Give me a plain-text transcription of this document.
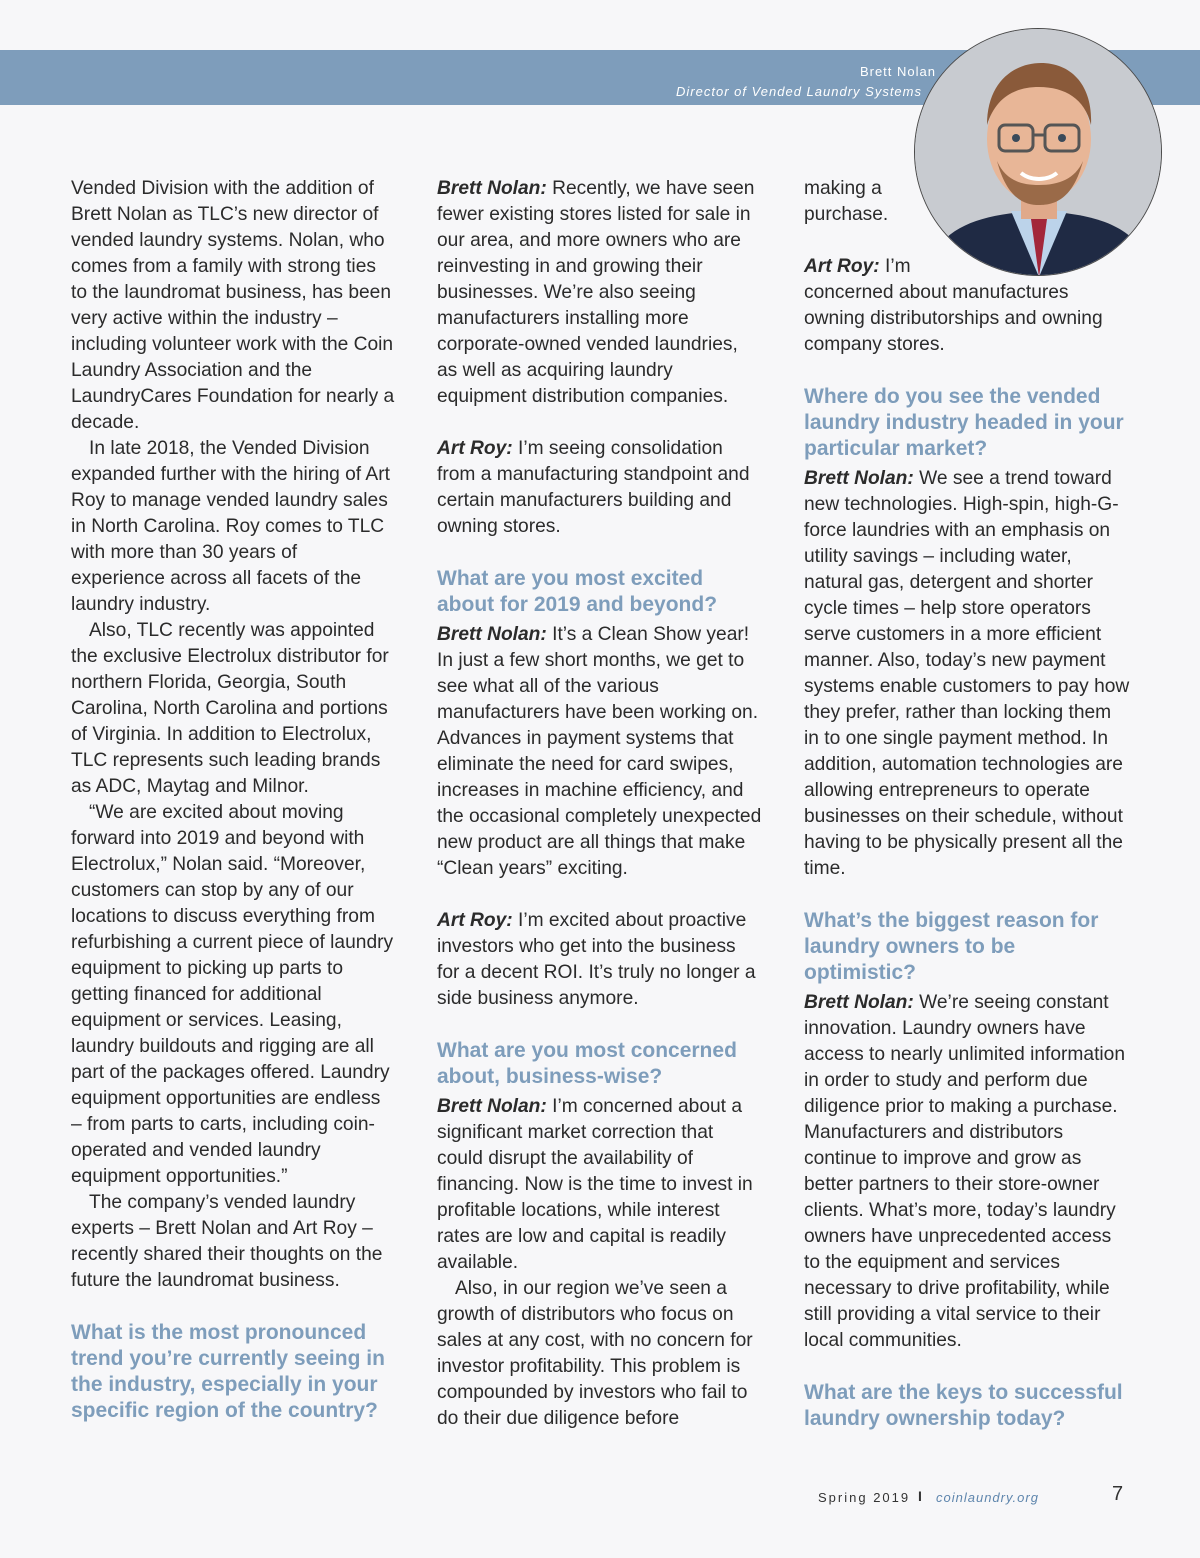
Brett Nolan
Director of Vended Laundry Systems

Vended Division with the addition of Brett Nolan as TLC’s new director of vended laundry systems. Nolan, who comes from a family with strong ties to the laundromat business, has been very active within the industry – including volunteer work with the Coin Laundry Association and the LaundryCares Foundation for nearly a decade.

In late 2018, the Vended Division expanded further with the hiring of Art Roy to manage vended laundry sales in North Carolina. Roy comes to TLC with more than 30 years of experience across all facets of the laundry industry.

Also, TLC recently was appointed the exclusive Electrolux distributor for northern Florida, Georgia, South Carolina, North Carolina and portions of Virginia. In addition to Electrolux, TLC represents such leading brands as ADC, Maytag and Milnor.

“We are excited about moving forward into 2019 and beyond with Electrolux,” Nolan said. “Moreover, customers can stop by any of our locations to discuss everything from refurbishing a current piece of laundry equipment to picking up parts to getting financed for additional equipment or services. Leasing, laundry buildouts and rigging are all part of the packages offered. Laundry equipment opportunities are endless – from parts to carts, including coin-operated and vended laundry equipment opportunities.”

The company’s vended laundry experts – Brett Nolan and Art Roy – recently shared their thoughts on the future the laundromat business.

What is the most pronounced trend you’re currently seeing in the industry, especially in your specific region of the country?

Brett Nolan: Recently, we have seen fewer existing stores listed for sale in our area, and more owners who are reinvesting in and growing their businesses. We’re also seeing manufacturers installing more corporate-owned vended laundries, as well as acquiring laundry equipment distribution companies.

Art Roy: I’m seeing consolidation from a manufacturing standpoint and certain manufacturers building and owning stores.

What are you most excited about for 2019 and beyond?

Brett Nolan: It’s a Clean Show year! In just a few short months, we get to see what all of the various manufacturers have been working on. Advances in payment systems that eliminate the need for card swipes, increases in machine efficiency, and the occasional completely unexpected new product are all things that make “Clean years” exciting.

Art Roy: I’m excited about proactive investors who get into the business for a decent ROI. It’s truly no longer a side business anymore.

What are you most concerned about, business-wise?

Brett Nolan: I’m concerned about a significant market correction that could disrupt the availability of financing. Now is the time to invest in profitable locations, while interest rates are low and capital is readily available.

Also, in our region we’ve seen a growth of distributors who focus on sales at any cost, with no concern for investor profitability. This problem is compounded by investors who fail to do their due diligence before

making a
purchase.

Art Roy: I’m
concerned about manufactures owning distributorships and owning company stores.

Where do you see the vended laundry industry headed in your particular market?

Brett Nolan: We see a trend toward new technologies. High-spin, high-G-force laundries with an emphasis on utility savings – including water, natural gas, detergent and shorter cycle times – help store operators serve customers in a more efficient manner. Also, today’s new payment systems enable customers to pay how they prefer, rather than locking them in to one single payment method. In addition, automation technologies are allowing entrepreneurs to operate businesses on their schedule, without having to be physically present all the time.

What’s the biggest reason for laundry owners to be optimistic?

Brett Nolan: We’re seeing constant innovation. Laundry owners have access to nearly unlimited information in order to study and perform due diligence prior to making a purchase. Manufacturers and distributors continue to improve and grow as better partners to their store-owner clients. What’s more, today’s laundry owners have unprecedented access to the equipment and services necessary to drive profitability, while still providing a vital service to their local communities.

What are the keys to successful laundry ownership today?
Spring 2019 I coinlaundry.org	7
